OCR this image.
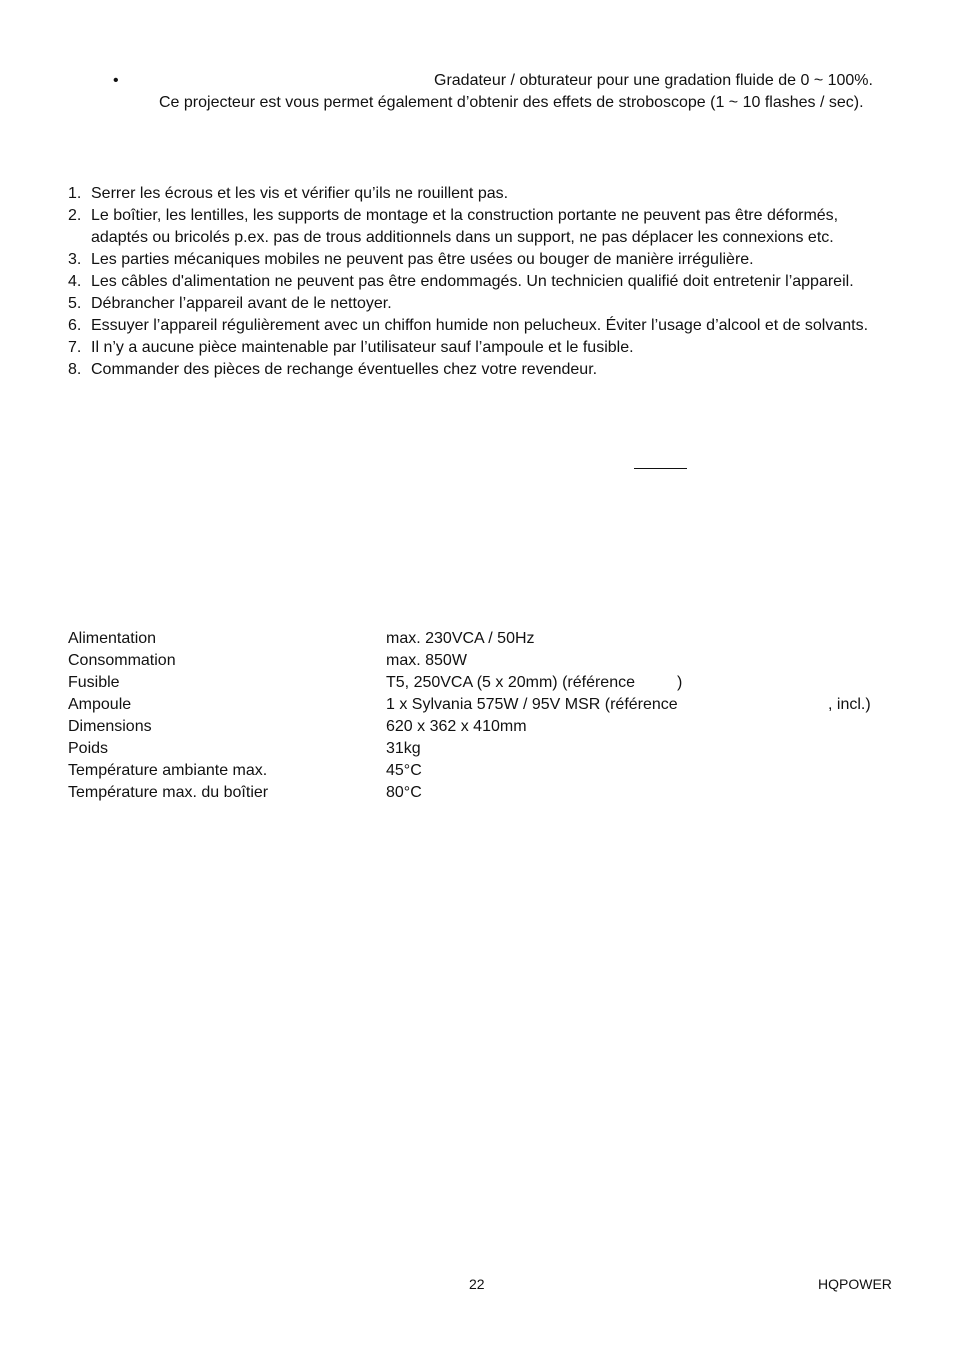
•	Gradateur / obturateur pour une gradation fluide de 0 ~ 100%.
Ce projecteur est vous permet également d’obtenir des effets de stroboscope (1 ~ 10 flashes / sec).
1. Serrer les écrous et les vis et vérifier qu’ils ne rouillent pas.
2. Le boîtier, les lentilles, les supports de montage et la construction portante ne peuvent pas être déformés,
adaptés ou bricolés p.ex. pas de trous additionnels dans un support, ne pas déplacer les connexions etc.
3. Les parties mécaniques mobiles ne peuvent pas être usées ou bouger de manière irrégulière.
4. Les câbles d'alimentation ne peuvent pas être endommagés. Un technicien qualifié doit entretenir l’appareil.
5. Débrancher l’appareil avant de le nettoyer.
6. Essuyer l’appareil régulièrement avec un chiffon humide non pelucheux. Éviter l’usage d’alcool et de solvants.
7. Il n’y a aucune pièce maintenable par l’utilisateur sauf l’ampoule et le fusible.
8. Commander des pièces de rechange éventuelles chez votre revendeur.
Alimentation	max. 230VCA / 50Hz
Consommation	max. 850W
Fusible	T5, 250VCA (5 x 20mm) (référence	)
Ampoule	1 x Sylvania 575W / 95V MSR (référence	, incl.)
Dimensions	620 x 362 x 410mm
Poids	31kg
Température ambiante max.	45°C
Température max. du boîtier	80°C
22	HQPOWER
